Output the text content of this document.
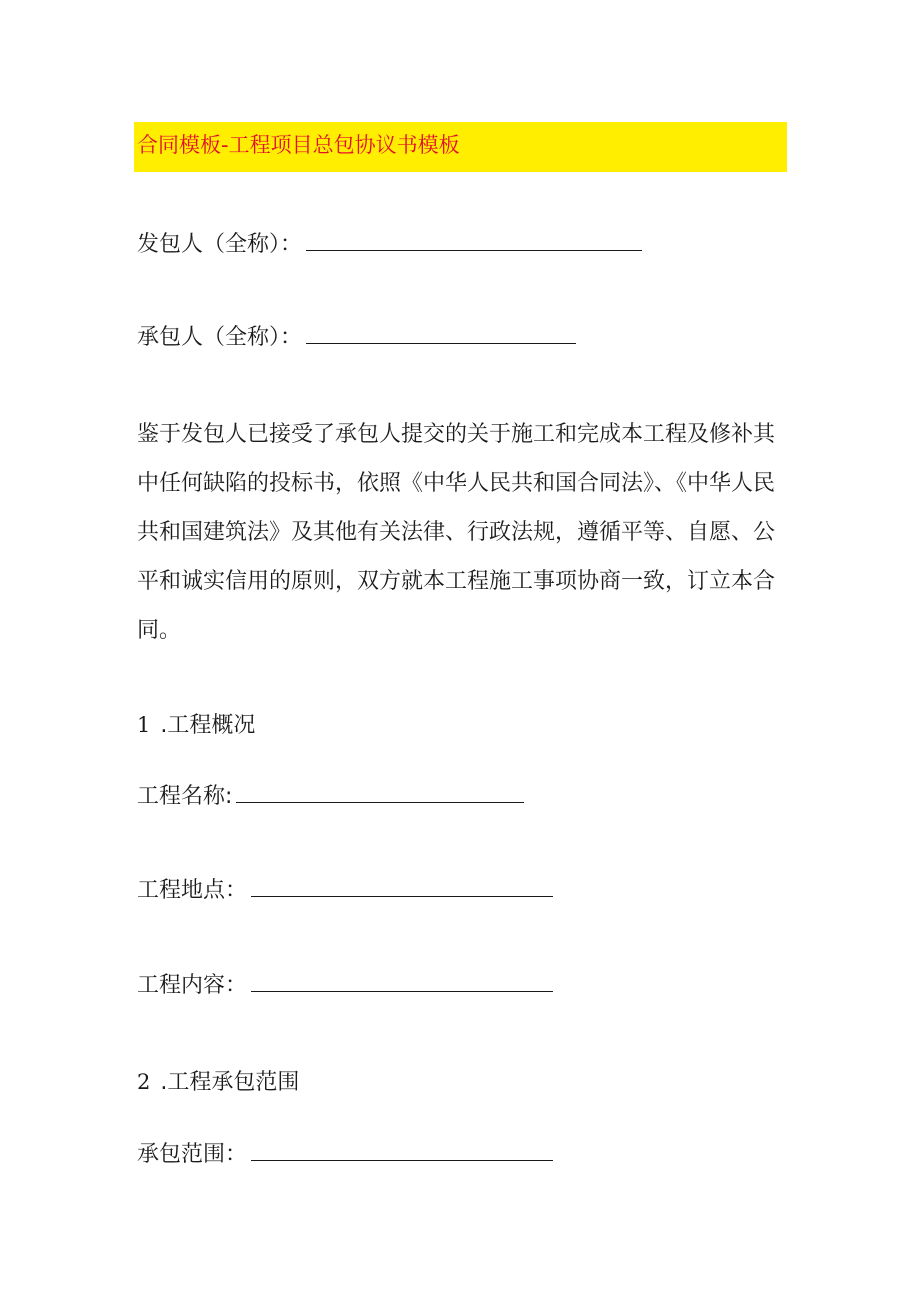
合同模板-工程项目总包协议书模板
发包人（全称）：
承包人（全称）：
鉴于发包人已接受了承包人提交的关于施工和完成本工程及修补其中任何缺陷的投标书，依照《中华人民共和国合同法》、《中华人民共和国建筑法》及其他有关法律、行政法规，遵循平等、自愿、公平和诚实信用的原则，双方就本工程施工事项协商一致，订立本合同。
1 .工程概况
工程名称:
工程地点：
工程内容：
2 .工程承包范围
承包范围：
